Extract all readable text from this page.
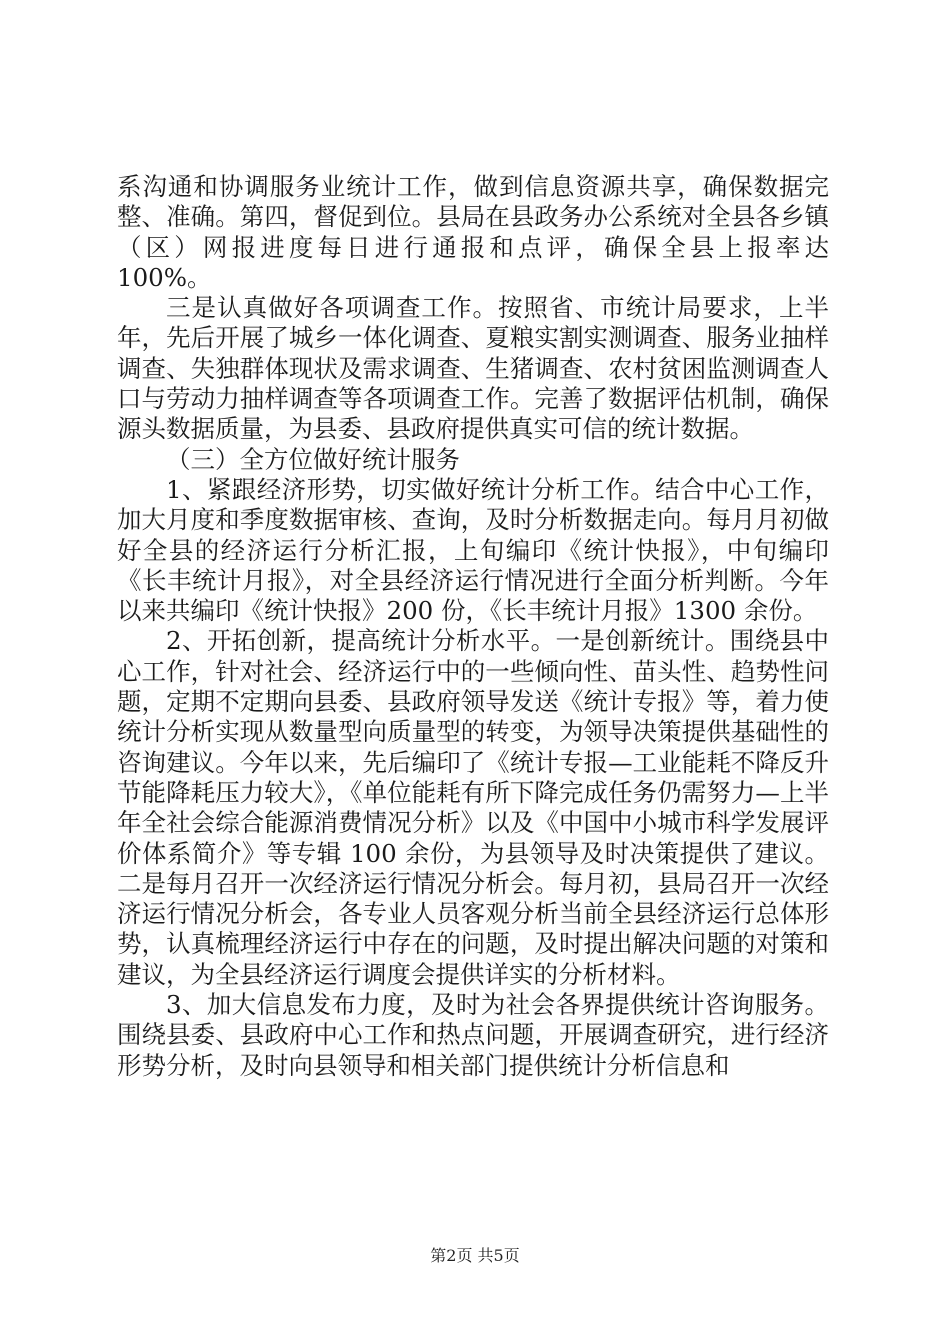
系沟通和协调服务业统计工作，做到信息资源共享，确保数据完整、准确。第四，督促到位。县局在县政务办公系统对全县各乡镇（区）网报进度每日进行通报和点评，确保全县上报率达 100%。

三是认真做好各项调查工作。按照省、市统计局要求，上半年，先后开展了城乡一体化调查、夏粮实割实测调查、服务业抽样调查、失独群体现状及需求调查、生猪调查、农村贫困监测调查人口与劳动力抽样调查等各项调查工作。完善了数据评估机制，确保源头数据质量，为县委、县政府提供真实可信的统计数据。

（三）全方位做好统计服务

1、紧跟经济形势，切实做好统计分析工作。结合中心工作，加大月度和季度数据审核、查询，及时分析数据走向。每月月初做好全县的经济运行分析汇报，上旬编印《统计快报》，中旬编印《长丰统计月报》，对全县经济运行情况进行全面分析判断。今年以来共编印《统计快报》200 份，《长丰统计月报》1300 余份。

2、开拓创新，提高统计分析水平。一是创新统计。围绕县中心工作，针对社会、经济运行中的一些倾向性、苗头性、趋势性问题，定期不定期向县委、县政府领导发送《统计专报》等，着力使统计分析实现从数量型向质量型的转变，为领导决策提供基础性的咨询建议。今年以来，先后编印了《统计专报—工业能耗不降反升节能降耗压力较大》，《单位能耗有所下降完成任务仍需努力—上半年全社会综合能源消费情况分析》以及《中国中小城市科学发展评价体系简介》等专辑 100 余份，为县领导及时决策提供了建议。二是每月召开一次经济运行情况分析会。每月初，县局召开一次经济运行情况分析会，各专业人员客观分析当前全县经济运行总体形势，认真梳理经济运行中存在的问题，及时提出解决问题的对策和建议，为全县经济运行调度会提供详实的分析材料。

3、加大信息发布力度，及时为社会各界提供统计咨询服务。围绕县委、县政府中心工作和热点问题，开展调查研究，进行经济形势分析，及时向县领导和相关部门提供统计分析信息和

第2页 共5页
